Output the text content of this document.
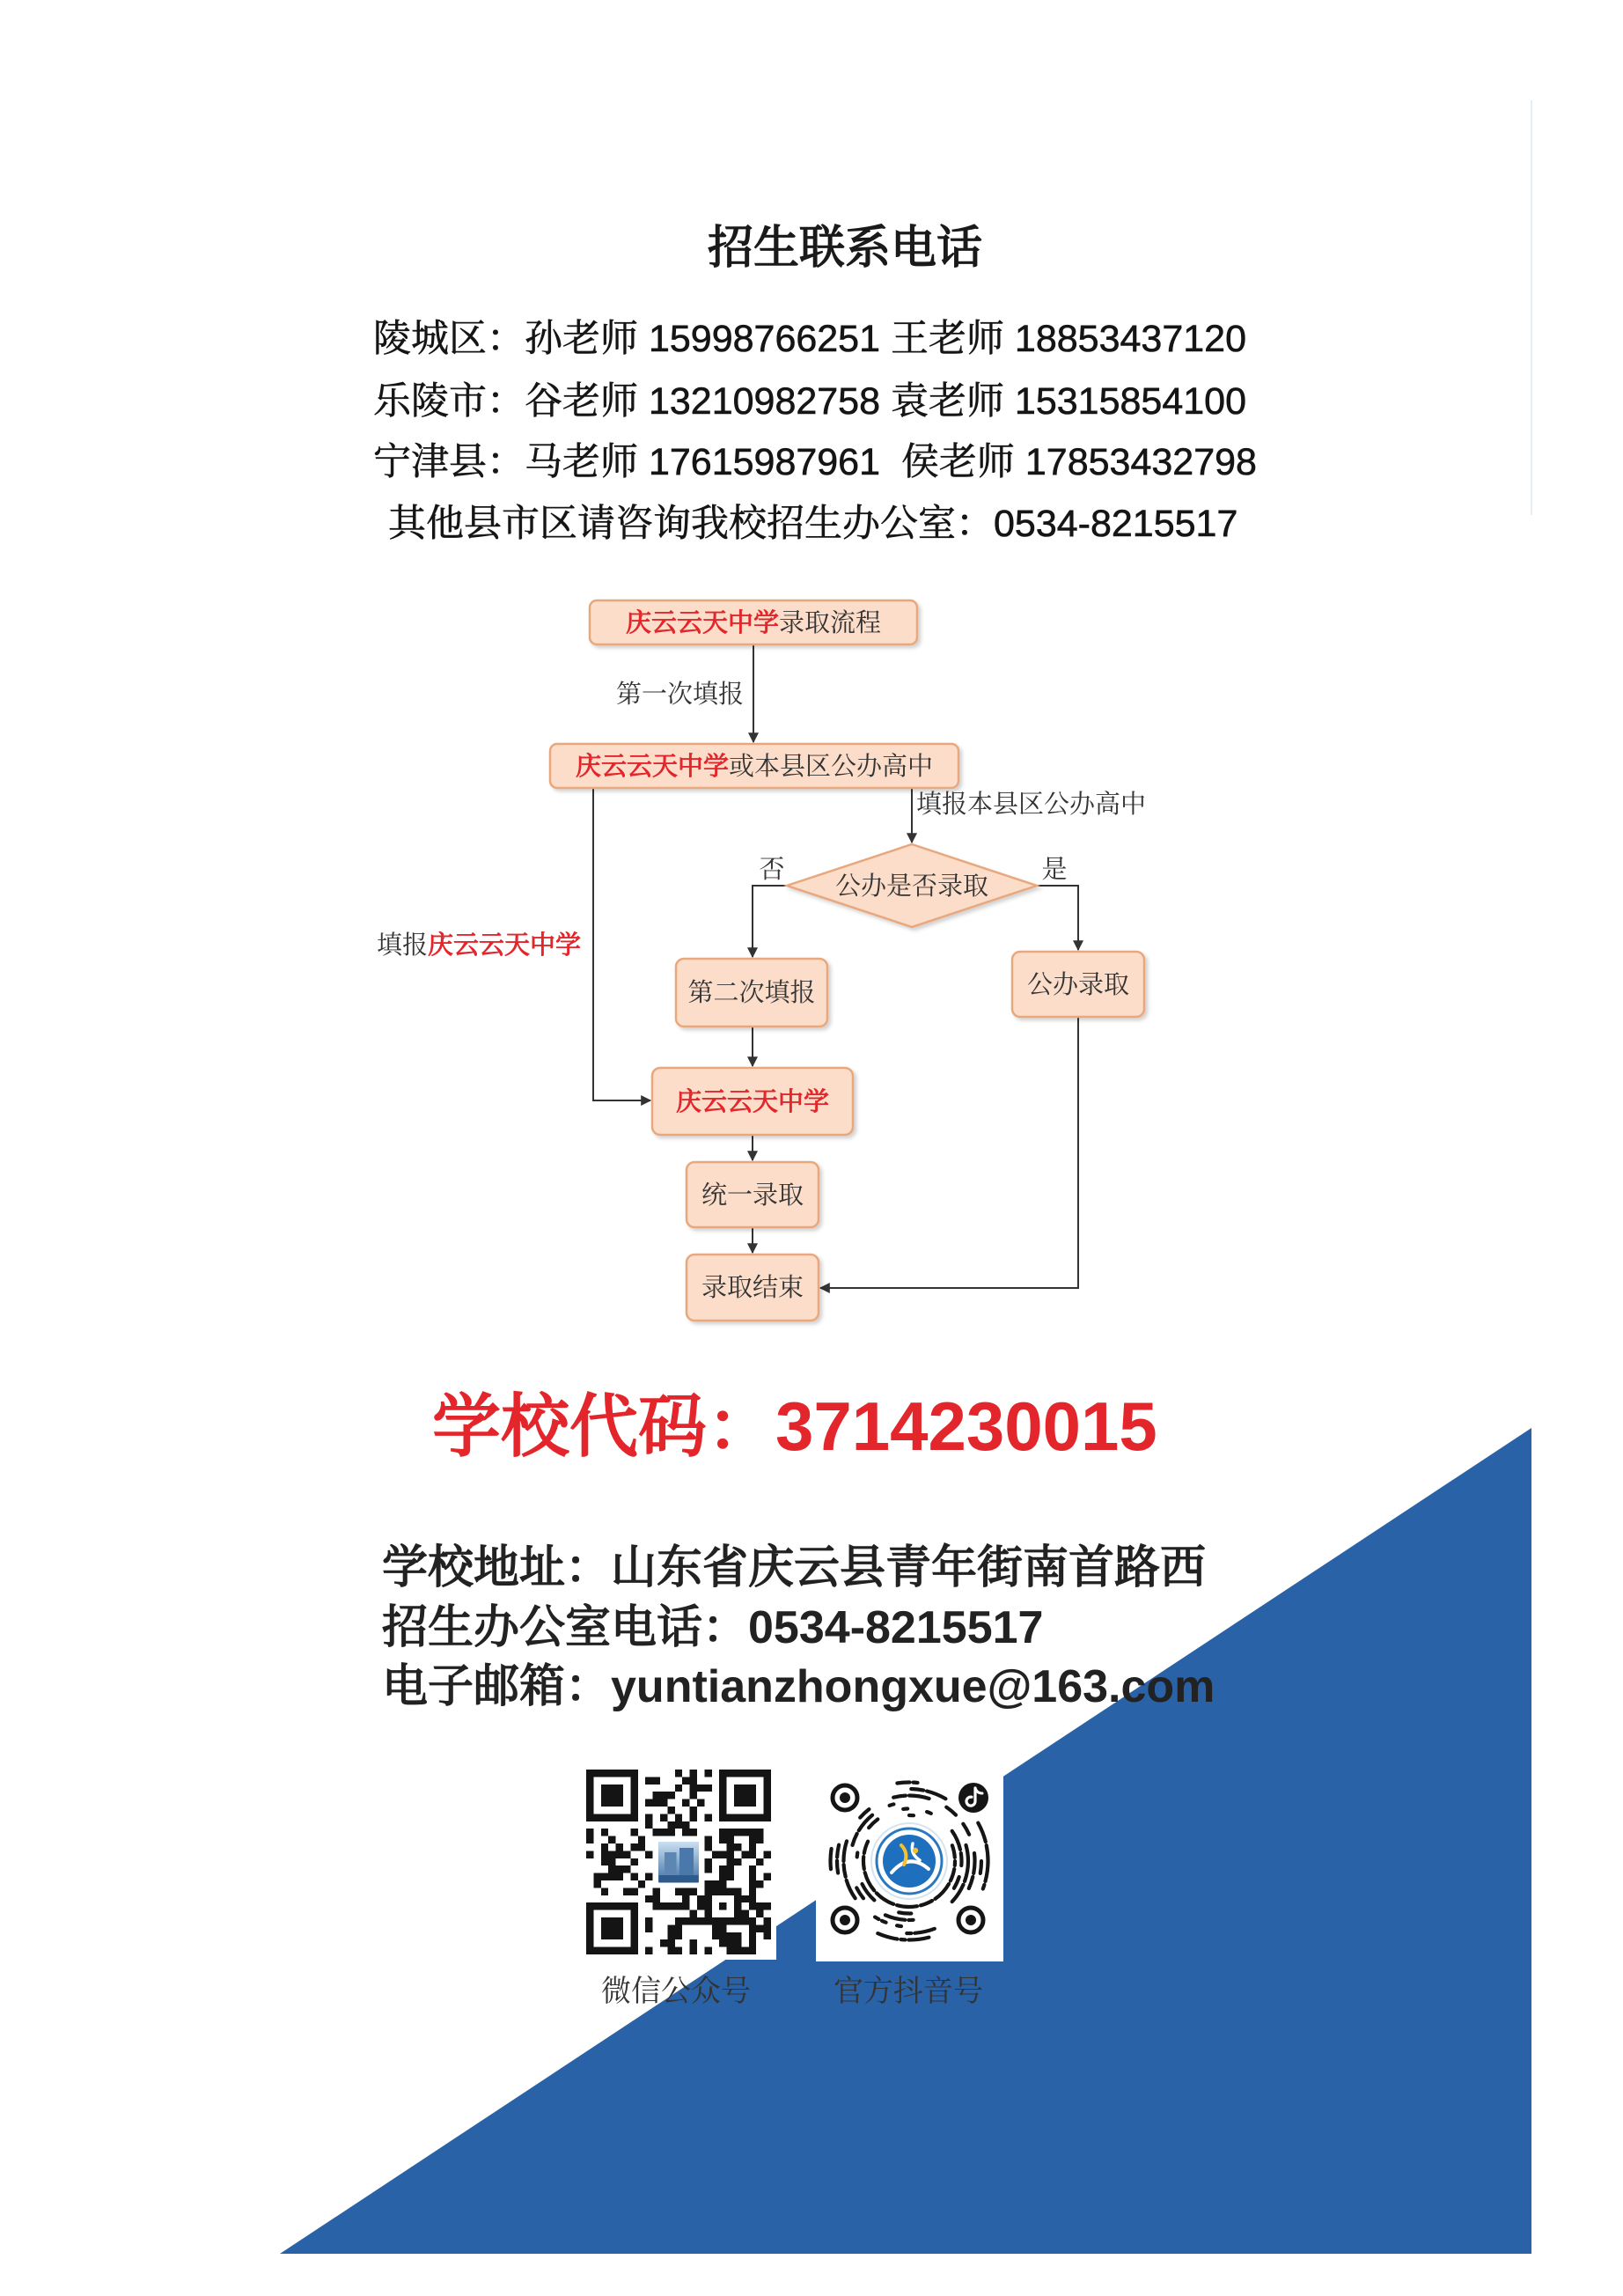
招生联系电话
陵城区：孙老师 15998766251 王老师 18853437120
乐陵市：谷老师 13210982758 袁老师 15315854100
宁津县：马老师 17615987961 侯老师 17853432798
其他县市区请咨询我校招生办公室：0534-8215517
第一次填报
填报本县区公办高中
否	是
填报庆云云天中学
庆云云天中学录取流程
庆云云天中学或本县区公办高中
公办是否录取
第二次填报	公办录取
庆云云天中学
统一录取
录取结束
学校代码：3714230015
学校地址：山东省庆云县青年街南首路西
招生办公室电话：0534-8215517
电子邮箱：yuntianzhongxue@163.com
微信公众号	官方抖音号
